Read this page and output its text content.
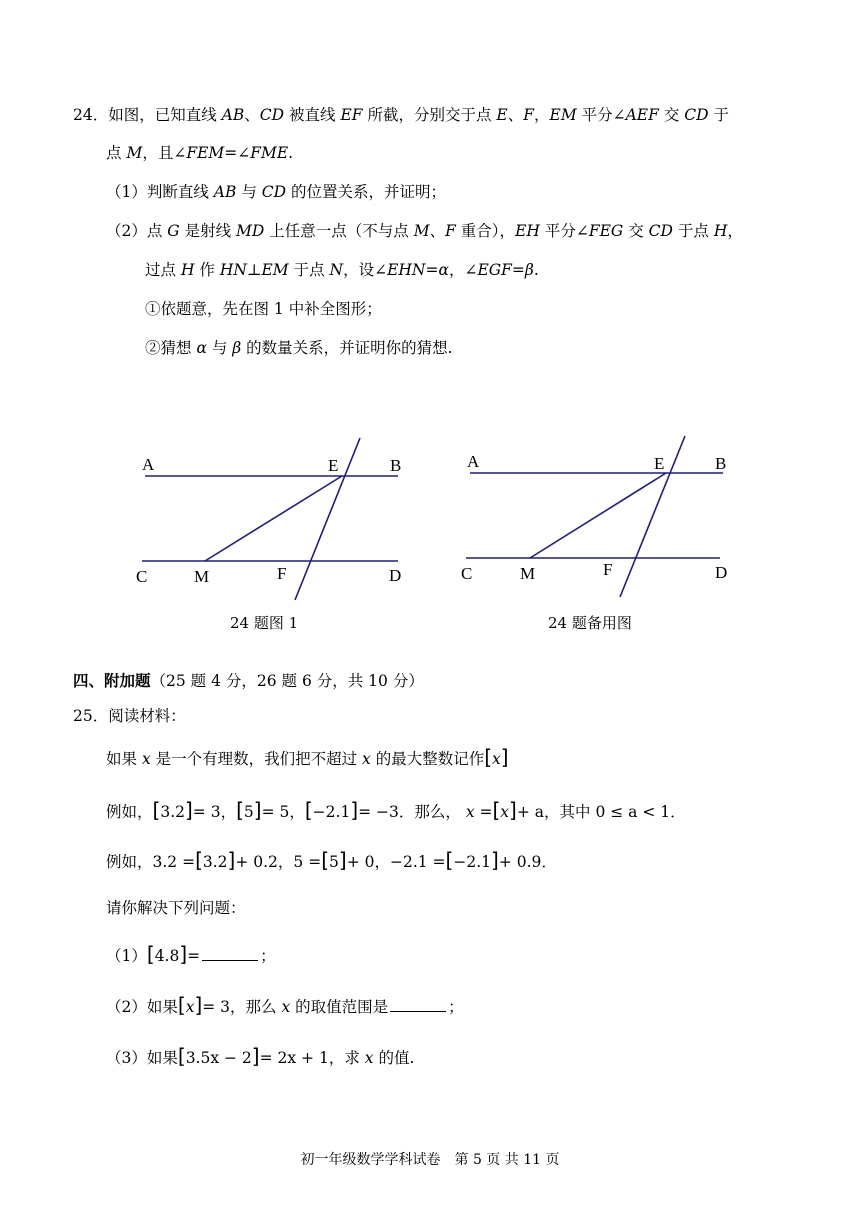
24．如图，已知直线 AB、CD 被直线 EF 所截，分别交于点 E、F，EM 平分∠AEF 交 CD 于
点 M，且∠FEM=∠FME.
（1）判断直线 AB 与 CD 的位置关系，并证明；
（2）点 G 是射线 MD 上任意一点（不与点 M、F 重合），EH 平分∠FEG 交 CD 于点 H，
过点 H 作 HN⊥EM 于点 N，设∠EHN=α，∠EGF=β.
①依题意，先在图 1 中补全图形；
②猜想 α 与 β 的数量关系，并证明你的猜想.
A	E	B
C	M	F	D
24 题图 1
A	E	B
C	M	F	D
24 题备用图
四、附加题（25 题 4 分，26 题 6 分，共 10 分）
25．阅读材料：
如果 x 是一个有理数，我们把不超过 x 的最大整数记作[x]
例如，[3.2]= 3，[5]= 5，[−2.1]= −3．那么， x =[x]+ a，其中 0 ≤ a < 1．
例如，3.2 =[3.2]+ 0.2，5 =[5]+ 0，−2.1 =[−2.1]+ 0.9．
请你解决下列问题：
（1）[4.8]=	；
（2）如果[x]= 3，那么 x 的取值范围是	；
（3）如果[3.5x − 2]= 2x + 1，求 x 的值.
初一年级数学学科试卷　第 5 页 共 11 页
